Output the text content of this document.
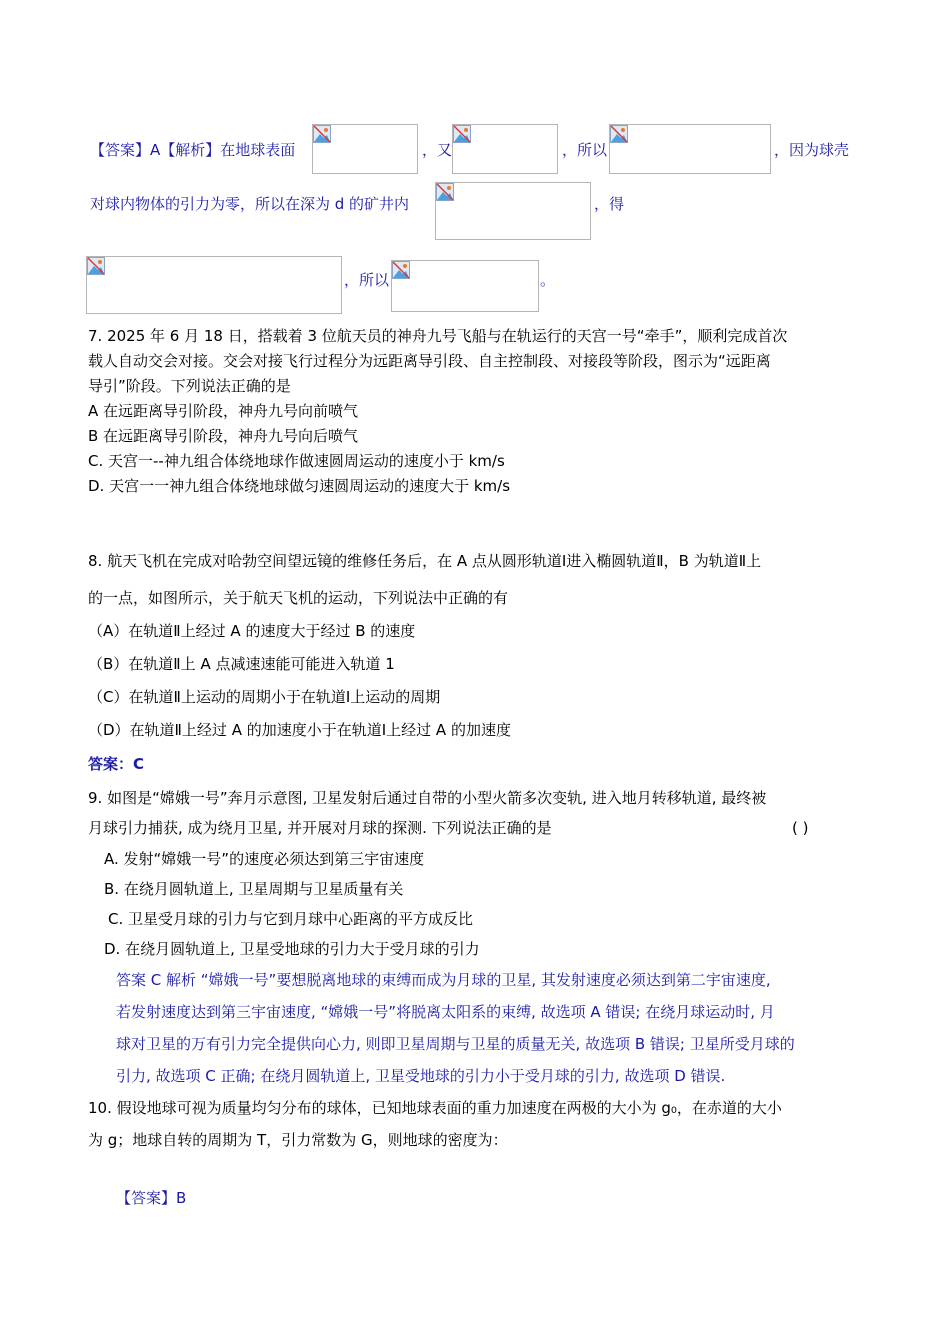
【答案】A【解析】在地球表面	，又	，所以	，因为球壳
对球内物体的引力为零，所以在深为 d 的矿井内	，得
，所以	。
7. 2025 年 6 月 18 日，搭载着 3 位航天员的神舟九号飞船与在轨运行的天宫一号“牵手”，顺利完成首次
载人自动交会对接。交会对接飞行过程分为远距离导引段、自主控制段、对接段等阶段，图示为“远距离
导引”阶段。下列说法正确的是
A 在远距离导引阶段，神舟九号向前喷气
B 在远距离导引阶段，神舟九号向后喷气
C. 天宫一--神九组合体绕地球作做速圆周运动的速度小于 km/s
D. 天宫一一神九组合体绕地球做匀速圆周运动的速度大于 km/s
8. 航天飞机在完成对哈勃空间望远镜的维修任务后，在 A 点从圆形轨道Ⅰ进入椭圆轨道Ⅱ，B 为轨道Ⅱ上
的一点，如图所示，关于航天飞机的运动，下列说法中正确的有
（A）在轨道Ⅱ上经过 A 的速度大于经过 B 的速度
（B）在轨道Ⅱ上 A 点减速速能可能进入轨道 1
（C）在轨道Ⅱ上运动的周期小于在轨道Ⅰ上运动的周期
（D）在轨道Ⅱ上经过 A 的加速度小于在轨道Ⅰ上经过 A 的加速度
答案：C
9. 如图是“嫦娥一号”奔月示意图, 卫星发射后通过自带的小型火箭多次变轨, 进入地月转移轨道, 最终被
月球引力捕获, 成为绕月卫星, 并开展对月球的探测. 下列说法正确的是	( )
A. 发射“嫦娥一号”的速度必须达到第三宇宙速度
B. 在绕月圆轨道上, 卫星周期与卫星质量有关
C. 卫星受月球的引力与它到月球中心距离的平方成反比
D. 在绕月圆轨道上, 卫星受地球的引力大于受月球的引力
答案 C 解析 “嫦娥一号”要想脱离地球的束缚而成为月球的卫星, 其发射速度必须达到第二宇宙速度,
若发射速度达到第三宇宙速度, “嫦娥一号”将脱离太阳系的束缚, 故选项 A 错误; 在绕月球运动时, 月
球对卫星的万有引力完全提供向心力, 则即卫星周期与卫星的质量无关, 故选项 B 错误; 卫星所受月球的
引力, 故选项 C 正确; 在绕月圆轨道上, 卫星受地球的引力小于受月球的引力, 故选项 D 错误.
10. 假设地球可视为质量均匀分布的球体，已知地球表面的重力加速度在两极的大小为 g₀，在赤道的大小
为 g；地球自转的周期为 T，引力常数为 G，则地球的密度为：
【答案】B
